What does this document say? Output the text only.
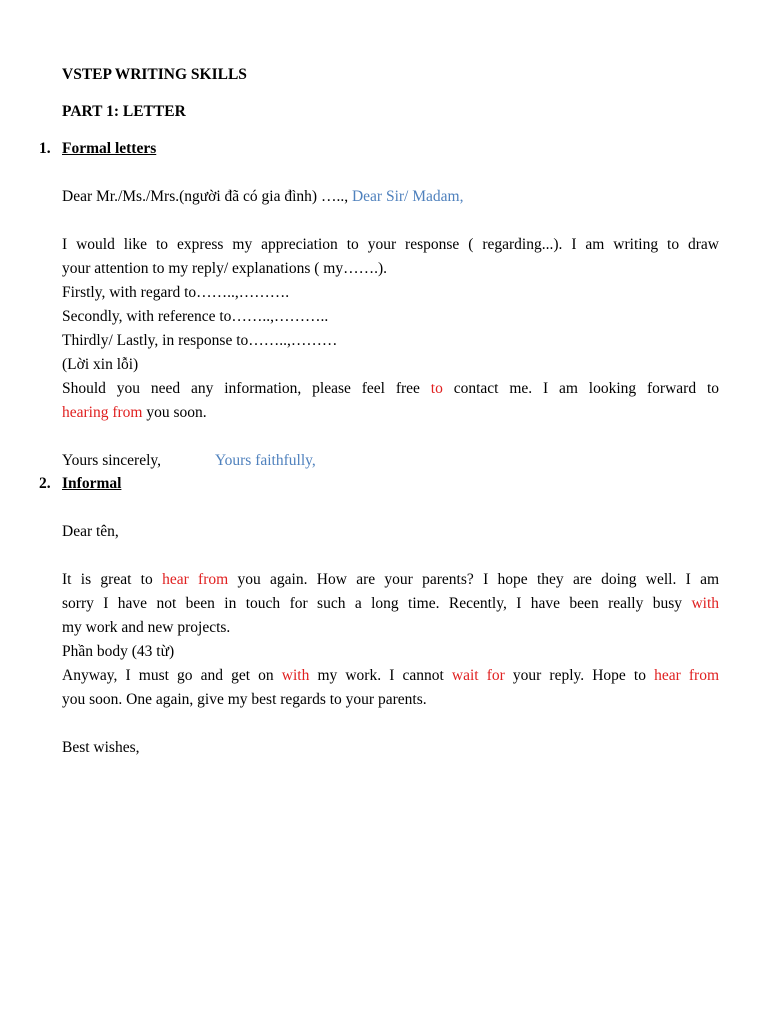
VSTEP WRITING SKILLS
PART 1: LETTER
1. Formal letters
Dear Mr./Ms./Mrs.(người đã có gia đình) ….., Dear Sir/ Madam,
I would like to express my appreciation to your response ( regarding...). I am writing to draw
your attention to my reply/ explanations ( my…….).
Firstly, with regard to……..,……….
Secondly, with reference to……..,………..
Thirdly/ Lastly, in response to……..,………
(Lời xin lỗi)
Should you need any information, please feel free to contact me. I am looking forward to
hearing from you soon.
Yours sincerely,	Yours faithfully,
2. Informal
Dear tên,
It is great to hear from you again. How are your parents? I hope they are doing well. I am
sorry I have not been in touch for such a long time. Recently, I have been really busy with
my work and new projects.
Phần body (43 từ)
Anyway, I must go and get on with my work. I cannot wait for your reply. Hope to hear from
you soon. One again, give my best regards to your parents.
Best wishes,
